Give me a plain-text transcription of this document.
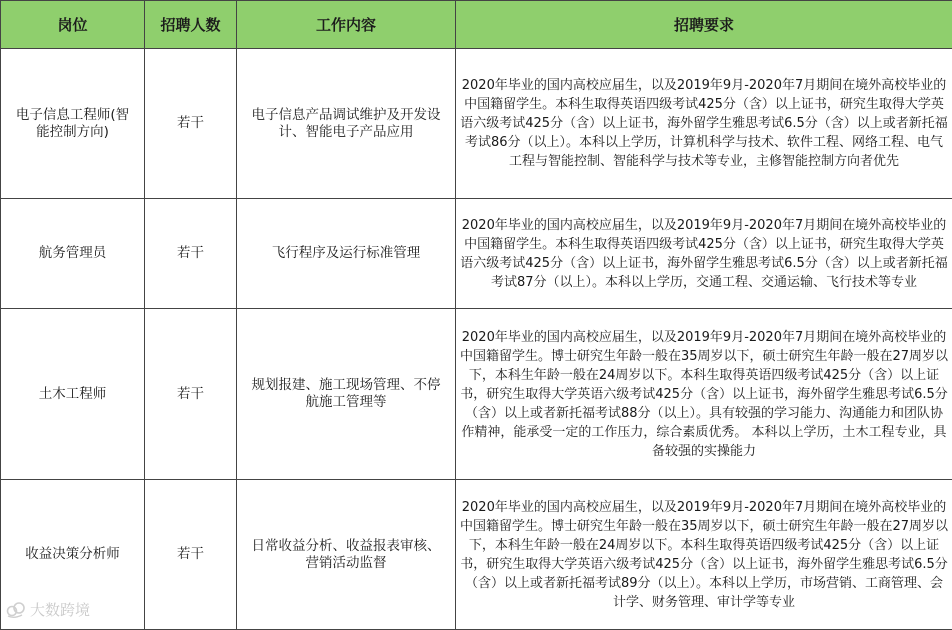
岗位	招聘人数	工作内容	招聘要求
电子信息工程师(智能控制方向)	若干	电子信息产品调试维护及开发设计、智能电子产品应用	2020年毕业的国内高校应届生，以及2019年9月-2020年7月期间在境外高校毕业的中国籍留学生。本科生取得英语四级考试425分（含）以上证书，研究生取得大学英语六级考试425分（含）以上证书，海外留学生雅思考试6.5分（含）以上或者新托福考试86分（以上）。本科以上学历，计算机科学与技术、软件工程、网络工程、电气工程与智能控制、智能科学与技术等专业，主修智能控制方向者优先
航务管理员	若干	飞行程序及运行标准管理	2020年毕业的国内高校应届生，以及2019年9月-2020年7月期间在境外高校毕业的中国籍留学生。本科生取得英语四级考试425分（含）以上证书，研究生取得大学英语六级考试425分（含）以上证书，海外留学生雅思考试6.5分（含）以上或者新托福考试87分（以上）。本科以上学历，交通工程、交通运输、飞行技术等专业
土木工程师	若干	规划报建、施工现场管理、不停航施工管理等	2020年毕业的国内高校应届生，以及2019年9月-2020年7月期间在境外高校毕业的中国籍留学生。博士研究生年龄一般在35周岁以下，硕士研究生年龄一般在27周岁以下，本科生年龄一般在24周岁以下。本科生取得英语四级考试425分（含）以上证书，研究生取得大学英语六级考试425分（含）以上证书，海外留学生雅思考试6.5分（含）以上或者新托福考试88分（以上）。具有较强的学习能力、沟通能力和团队协作精神，能承受一定的工作压力，综合素质优秀。 本科以上学历，土木工程专业，具备较强的实操能力
收益决策分析师	若干	日常收益分析、收益报表审核、营销活动监督	2020年毕业的国内高校应届生，以及2019年9月-2020年7月期间在境外高校毕业的中国籍留学生。博士研究生年龄一般在35周岁以下，硕士研究生年龄一般在27周岁以下，本科生年龄一般在24周岁以下。本科生取得英语四级考试425分（含）以上证书，研究生取得大学英语六级考试425分（含）以上证书，海外留学生雅思考试6.5分（含）以上或者新托福考试89分（以上）。本科以上学历，市场营销、工商管理、会计学、财务管理、审计学等专业
大数跨境
